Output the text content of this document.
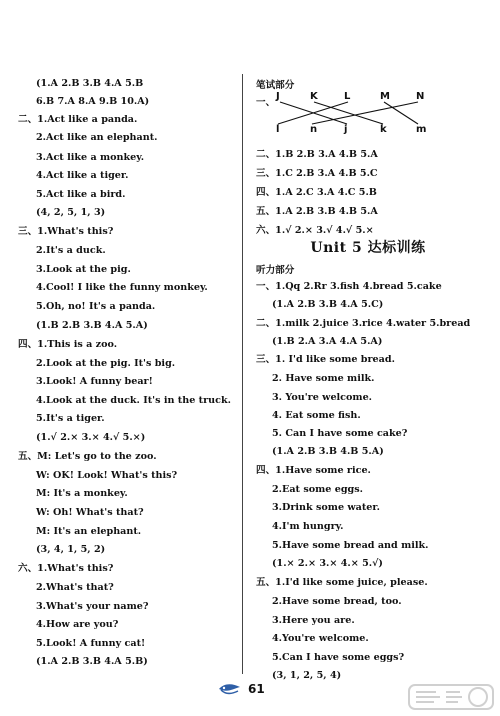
(1.A 2.B 3.B 4.A 5.B
6.B 7.A 8.A 9.B 10.A)
二、1.Act like a panda.
2.Act like an elephant.
3.Act like a monkey.
4.Act like a tiger.
5.Act like a bird.
(4, 2, 5, 1, 3)
三、1.What's this?
2.It's a duck.
3.Look at the pig.
4.Cool! I like the funny monkey.
5.Oh, no! It's a panda.
(1.B 2.B 3.B 4.A 5.A)
四、1.This is a zoo.
2.Look at the pig. It's big.
3.Look! A funny bear!
4.Look at the duck. It's in the truck.
5.It's a tiger.
(1.√ 2.× 3.× 4.√ 5.×)
五、M: Let's go to the zoo.
W: OK! Look! What's this?
M: It's a monkey.
W: Oh! What's that?
M: It's an elephant.
(3, 4, 1, 5, 2)
六、1.What's this?
2.What's that?
3.What's your name?
4.How are you?
5.Look! A funny cat!
(1.A 2.B 3.B 4.A 5.B)
笔试部分
一、
J	K	L	M	N
l	n	j	k	m
二、1.B 2.B 3.A 4.B 5.A
三、1.C 2.B 3.A 4.B 5.C
四、1.A 2.C 3.A 4.C 5.B
五、1.A 2.B 3.B 4.B 5.A
六、1.√ 2.× 3.√ 4.√ 5.×
Unit 5 达标训练
听力部分
一、1.Qq 2.Rr 3.fish 4.bread 5.cake
(1.A 2.B 3.B 4.A 5.C)
二、1.milk 2.juice 3.rice 4.water 5.bread
(1.B 2.A 3.A 4.A 5.A)
三、1. I'd like some bread.
2. Have some milk.
3. You're welcome.
4. Eat some fish.
5. Can I have some cake?
(1.A 2.B 3.B 4.B 5.A)
四、1.Have some rice.
2.Eat some eggs.
3.Drink some water.
4.I'm hungry.
5.Have some bread and milk.
(1.× 2.× 3.× 4.× 5.√)
五、1.I'd like some juice, please.
2.Have some bread, too.
3.Here you are.
4.You're welcome.
5.Can I have some eggs?
(3, 1, 2, 5, 4)
61
